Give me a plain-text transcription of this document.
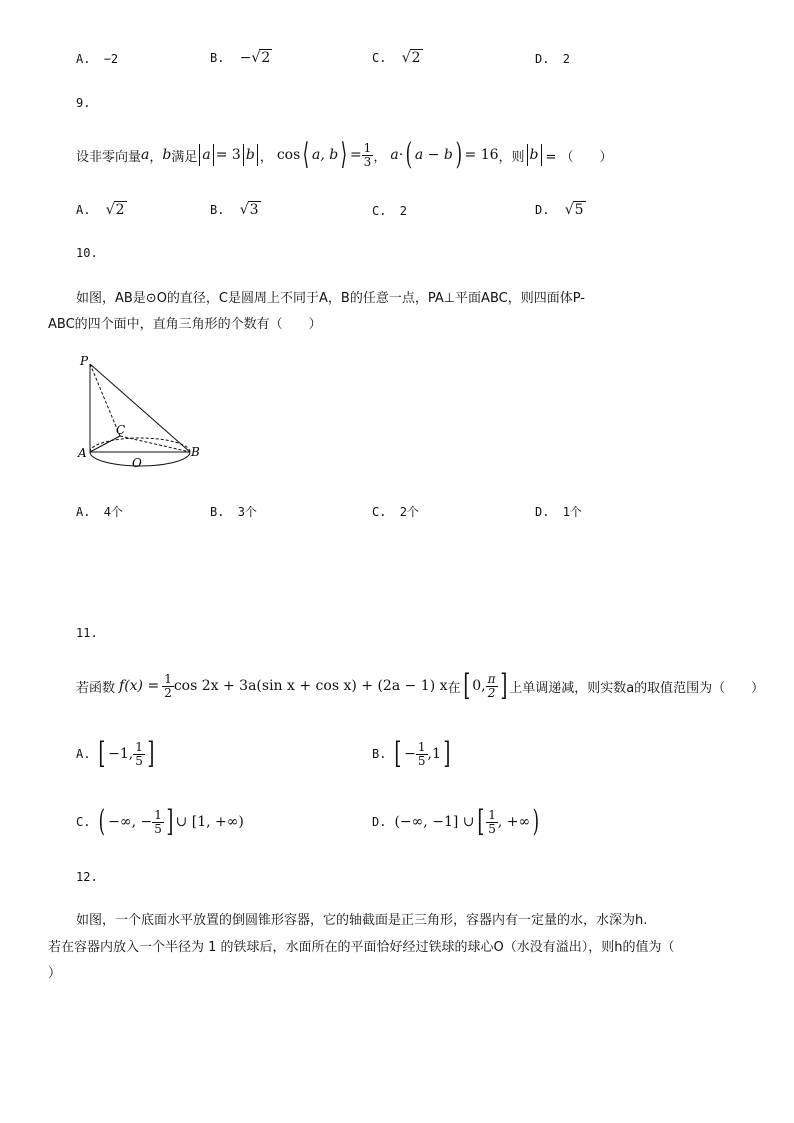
A. −2	B. −√2	C. √2	D. 2
9.
设非零向量 a ， b 满足 a = 3 b ， cos ⟨ a, b ⟩ = $\frac{1}{3}$ ， a · ( a − b ) = 16 ，则 b = （　　）
A. √2	B. √3	C. 2	D. √5
10.
如图，AB是⊙O的直径，C是圆周上不同于A，B的任意一点，PA⊥平面ABC，则四面体P-
ABC的四个面中，直角三角形的个数有（　　）
P
A	B
C
O
A. 4个	B. 3个	C. 2个	D. 1个
11.
若函数 $f(x) = \frac{1}{2}$ cos 2x + 3a(sin x + cos x) + (2a − 1) x 在 [ 0, $\frac{\pi}{2}$ ] 上单调递减，则实数a的取值范围为（　　）
A. [ −1, $\frac{1}{5}$ ]	B. [ − $\frac{1}{5} ,1$ ]
C. ( −∞, − $\frac{1}{5}$ ] ∪ [1, +∞)	D. (−∞, −1] ∪ [ $\frac{1}{5}$ , +∞ )
12.
如图，一个底面水平放置的倒圆锥形容器，它的轴截面是正三角形，容器内有一定量的水，水深为h.
若在容器内放入一个半径为 1 的铁球后，水面所在的平面恰好经过铁球的球心O（水没有溢出），则h的值为（
）
